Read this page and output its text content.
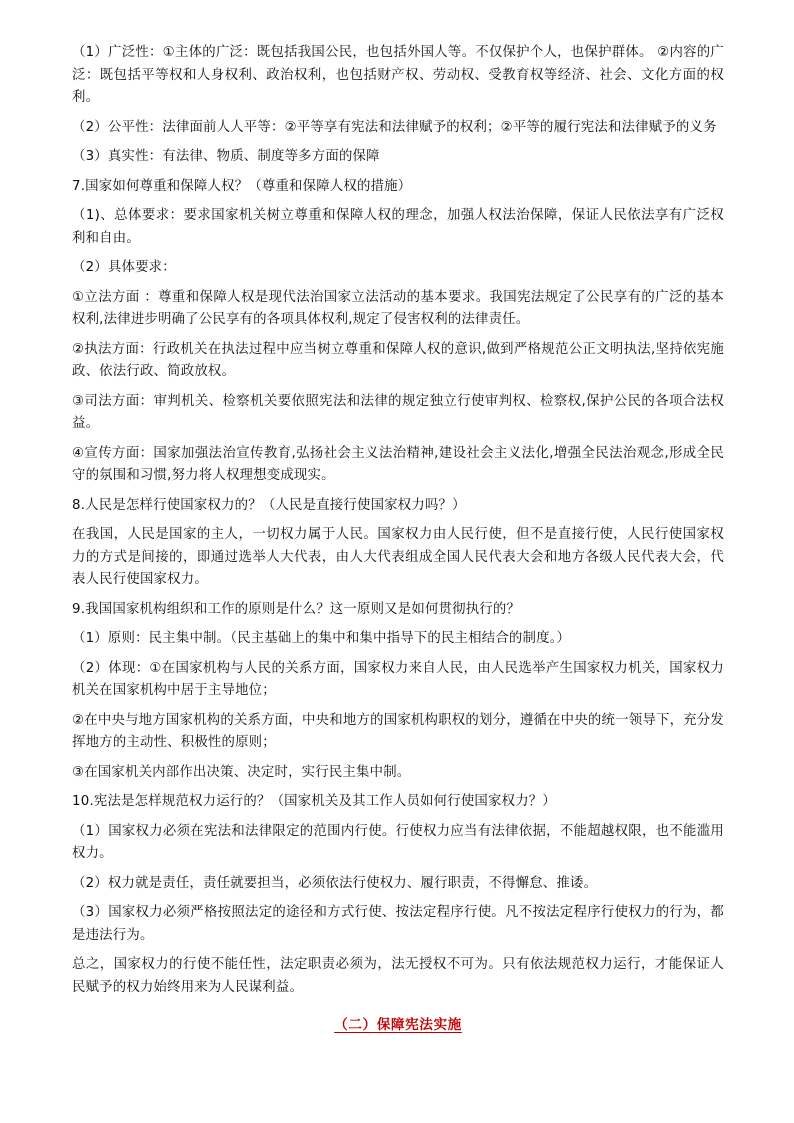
（1）广泛性：①主体的广泛：既包括我国公民，也包括外国人等。不仅保护个人，也保护群体。 ②内容的广泛：既包括平等权和人身权利、政治权利，也包括财产权、劳动权、受教育权等经济、社会、文化方面的权利。

（2）公平性：法律面前人人平等：②平等享有宪法和法律赋予的权利；②平等的履行宪法和法律赋予的义务

（3）真实性：有法律、物质、制度等多方面的保障

7.国家如何尊重和保障人权？（尊重和保障人权的措施）

（1)、总体要求：要求国家机关树立尊重和保障人权的理念，加强人权法治保障，保证人民依法享有广泛权利和自由。

（2）具体要求：

①立法方面 ：尊重和保障人权是现代法治国家立法活动的基本要求。我国宪法规定了公民享有的广泛的基本权利,法律进步明确了公民享有的各项具体权利,规定了侵害权利的法律责任。

②执法方面：行政机关在执法过程中应当树立尊重和保障人权的意识,做到严格规范公正文明执法,坚持依宪施政、依法行政、简政放权。

③司法方面：审判机关、检察机关要依照宪法和法律的规定独立行使审判权、检察权,保护公民的各项合法权益。

④宣传方面：国家加强法治宣传教育,弘扬社会主义法治精神,建设社会主义法化,增强全民法治观念,形成全民守的氛围和习惯,努力将人权理想变成现实。

8.人民是怎样行使国家权力的？（人民是直接行使国家权力吗？）

在我国，人民是国家的主人，一切权力属于人民。国家权力由人民行使，但不是直接行使，人民行使国家权力的方式是间接的，即通过选举人大代表，由人大代表组成全国人民代表大会和地方各级人民代表大会，代表人民行使国家权力。

9.我国国家机构组织和工作的原则是什么？这一原则又是如何贯彻执行的？

（1）原则：民主集中制。（民主基础上的集中和集中指导下的民主相结合的制度。）

（2）体现：①在国家机构与人民的关系方面，国家权力来自人民，由人民选举产生国家权力机关，国家权力机关在国家机构中居于主导地位；

②在中央与地方国家机构的关系方面，中央和地方的国家机构职权的划分，遵循在中央的统一领导下，充分发挥地方的主动性、积极性的原则；

③在国家机关内部作出决策、决定时，实行民主集中制。

10.宪法是怎样规范权力运行的？（国家机关及其工作人员如何行使国家权力？）

（1）国家权力必须在宪法和法律限定的范围内行使。行使权力应当有法律依据，不能超越权限，也不能滥用权力。

（2）权力就是责任，责任就要担当，必须依法行使权力、履行职责，不得懈怠、推诿。

（3）国家权力必须严格按照法定的途径和方式行使、按法定程序行使。凡不按法定程序行使权力的行为，都是违法行为。

总之，国家权力的行使不能任性，法定职责必须为，法无授权不可为。只有依法规范权力运行，才能保证人民赋予的权力始终用来为人民谋利益。

（二）保障宪法实施
